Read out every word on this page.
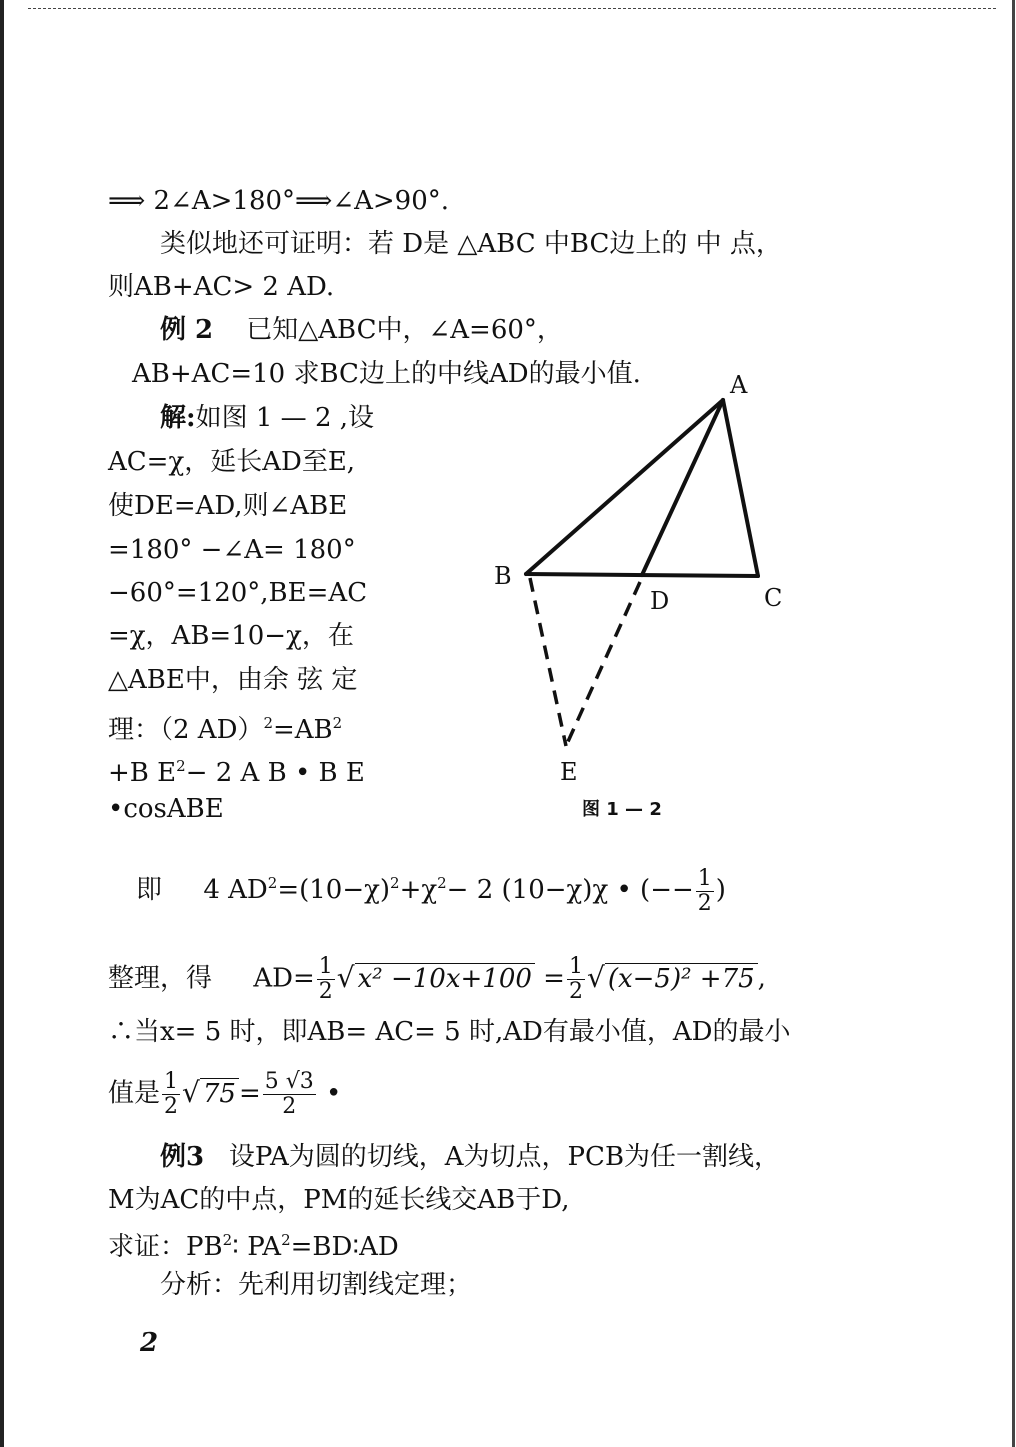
⟹ 2∠A>180°⟹∠A>90°.
类似地还可证明：若 D是 △ABC 中BC边上的 中 点，
则AB+AC> 2 AD.
例 2 已知△ABC中，∠A=60°，
AB+AC=10 求BC边上的中线AD的最小值.
解:如图 1 — 2 ,设
AC=χ，延长AD至E,
使DE=AD,则∠ABE
=180° −∠A= 180°
−60°=120°,BE=AC
=χ，AB=10−χ，在
△ABE中，由余 弦 定
理：（2 $AD)^2=AB^2$
+B $E^2- 2$ A B • B E
•cosABE
A
B
C
D
E
图 1 — 2
即 4 $AD^2=(10-\chi)^2+\chi^2- 2$ (10−χ)χ • (−− $\frac{1}{2}$ )
整理，得 $AD= \frac{1}{2}$ √ $x^2 -10x+100 = \frac{1}{2}$ √ (x−5)² +75 ,
∴当x= 5 时，即AB= AC= 5 时,AD有最小值，AD的最小
值是 $\frac{1}{2}$ √ $75 = \frac{5 √3}{2}$ •
例3 设PA为圆的切线，A为切点，PCB为任一割线，
M为AC的中点，PM的延长线交AB于D,
求证：$PB^2∶$ $PA^2=BD∶AD$
分析：先利用切割线定理；
2
